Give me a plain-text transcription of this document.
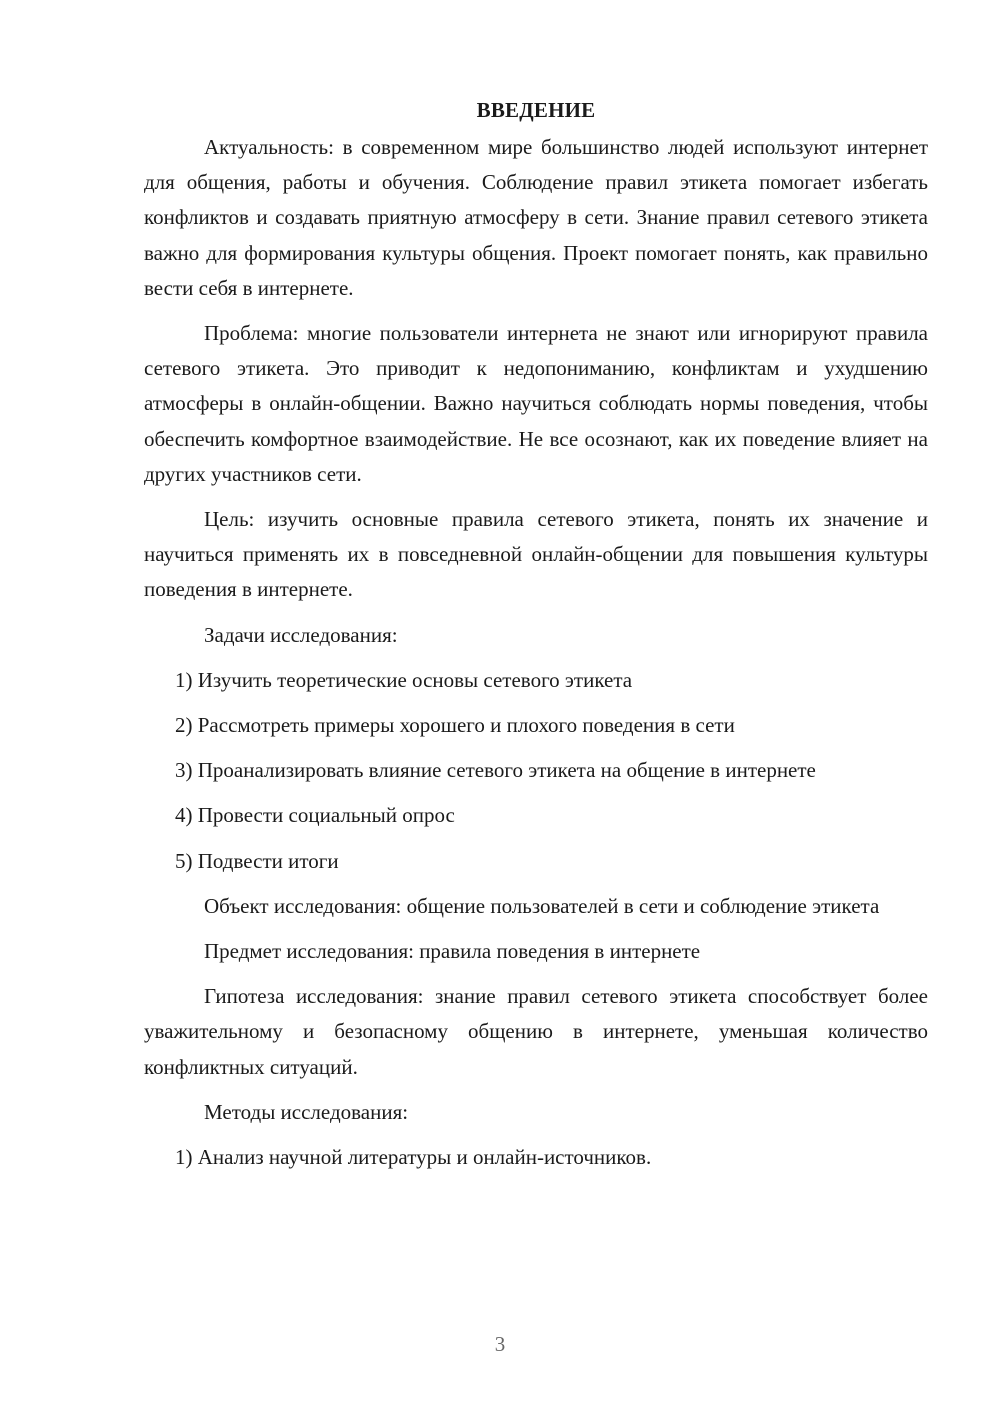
ВВЕДЕНИЕ

Актуальность: в современном мире большинство людей используют интернет для общения, работы и обучения. Соблюдение правил этикета помогает избегать конфликтов и создавать приятную атмосферу в сети. Знание правил сетевого этикета важно для формирования культуры общения. Проект помогает понять, как правильно вести себя в интернете.

Проблема: многие пользователи интернета не знают или игнорируют правила сетевого этикета. Это приводит к недопониманию, конфликтам и ухудшению атмосферы в онлайн-общении. Важно научиться соблюдать нормы поведения, чтобы обеспечить комфортное взаимодействие. Не все осознают, как их поведение влияет на других участников сети.

Цель: изучить основные правила сетевого этикета, понять их значение и научиться применять их в повседневной онлайн-общении для повышения культуры поведения в интернете.

Задачи исследования:

1) Изучить теоретические основы сетевого этикета

2) Рассмотреть примеры хорошего и плохого поведения в сети

3) Проанализировать влияние сетевого этикета на общение в интернете

4) Провести социальный опрос

5) Подвести итоги

Объект исследования: общение пользователей в сети и соблюдение этикета

Предмет исследования: правила поведения в интернете

Гипотеза исследования: знание правил сетевого этикета способствует более уважительному и безопасному общению в интернете, уменьшая количество конфликтных ситуаций.

Методы исследования:

1) Анализ научной литературы и онлайн-источников.

3
